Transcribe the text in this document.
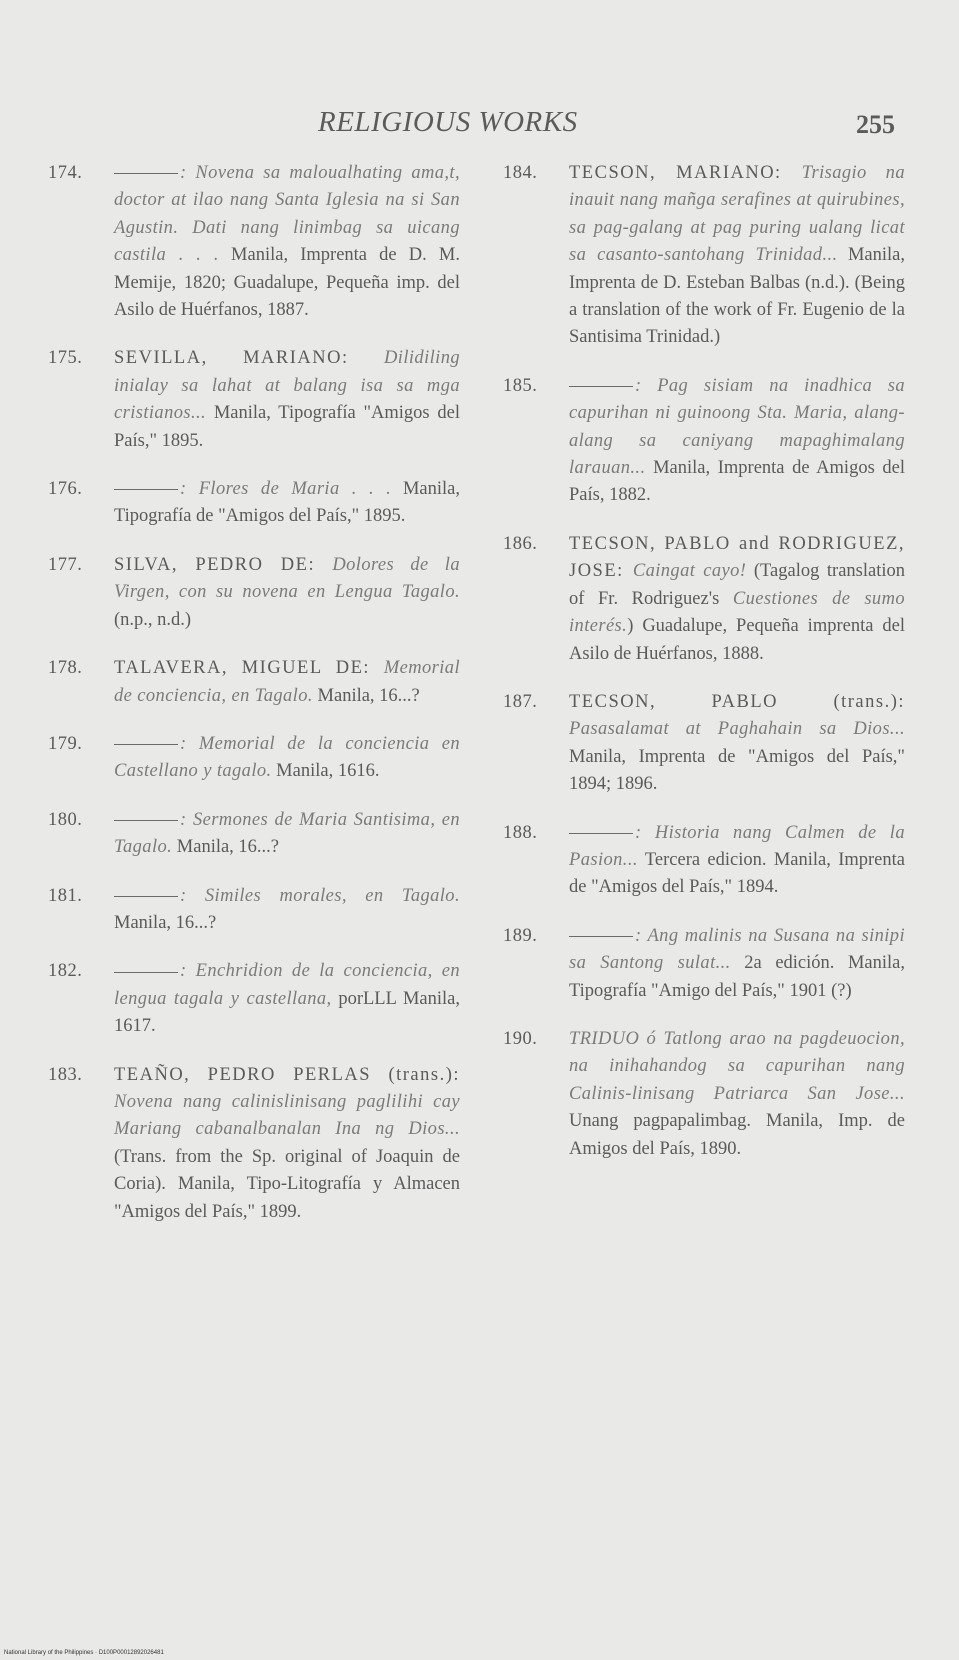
RELIGIOUS WORKS	255
174.	: Novena sa maloualhating ama,t, doctor at ilao nang Santa Iglesia na si San Agustin. Dati nang linimbag sa uicang castila . . . Manila, Imprenta de D. M. Memije, 1820; Guadalupe, Pequeña imp. del Asilo de Huérfanos, 1887.
175. SEVILLA, MARIANO: Dilidiling inialay sa lahat at balang isa sa mga cristianos... Manila, Tipografía "Amigos del País," 1895.
176.	: Flores de Maria . . . Manila, Tipografía de "Amigos del País," 1895.
177. SILVA, PEDRO DE: Dolores de la Virgen, con su novena en Lengua Tagalo. (n.p., n.d.)
178. TALAVERA, MIGUEL DE: Memorial de conciencia, en Tagalo. Manila, 16...?
179.	: Memorial de la conciencia en Castellano y tagalo. Manila, 1616.
180.	: Sermones de Maria Santisima, en Tagalo. Manila, 16...?
181.	: Similes morales, en Tagalo. Manila, 16...?
182.	: Enchridion de la conciencia, en lengua tagala y castellana, porLLL Manila, 1617.
183. TEAÑO, PEDRO PERLAS (trans.): Novena nang calinislinisang paglilihi cay Mariang cabanalbanalan Ina ng Dios... (Trans. from the Sp. original of Joaquin de Coria). Manila, Tipo-Litografía y Almacen "Amigos del País," 1899.
184. TECSON, MARIANO: Trisagio na inauit nang mañga serafines at quirubines, sa pag-galang at pag puring ualang licat sa casanto-santohang Trinidad... Manila, Imprenta de D. Esteban Balbas (n.d.). (Being a translation of the work of Fr. Eugenio de la Santisima Trinidad.)
185.	: Pag sisiam na inadhica sa capurihan ni guinoong Sta. Maria, alang-alang sa caniyang mapaghimalang larauan... Manila, Imprenta de Amigos del País, 1882.
186. TECSON, PABLO and RODRIGUEZ, JOSE: Caingat cayo! (Tagalog translation of Fr. Rodriguez's Cuestiones de sumo interés.) Guadalupe, Pequeña imprenta del Asilo de Huérfanos, 1888.
187. TECSON, PABLO (trans.): Pasasalamat at Paghahain sa Dios... Manila, Imprenta de "Amigos del País," 1894; 1896.
188.	: Historia nang Calmen de la Pasion... Tercera edicion. Manila, Imprenta de "Amigos del País," 1894.
189.	: Ang malinis na Susana na sinipi sa Santong sulat... 2a edición. Manila, Tipografía "Amigo del País," 1901 (?)
190. TRIDUO ó Tatlong arao na pagdeuocion, na inihahandog sa capurihan nang Calinis-linisang Patriarca San Jose... Unang pagpapalimbag. Manila, Imp. de Amigos del País, 1890.
National Library of the Philippines · D100P00012892026481
